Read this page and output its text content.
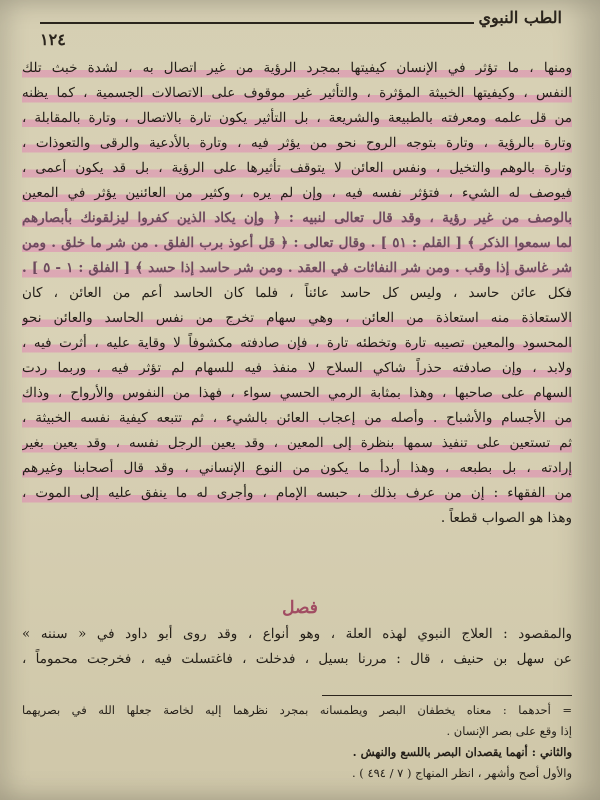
الطب النبوي
١٢٤
ومنها ، ما تؤثر في الإنسان كيفيتها بمجرد الرؤية من غير اتصال به ، لشدة خبث تلك
النفس ، وكيفيتها الخبيثة المؤثرة ، والتأثير غير موقوف على الاتصالات الجسمية ، كما يظنه
من قل علمه ومعرفته بالطبيعة والشريعة ، بل التأثير يكون تارة بالاتصال ، وتارة بالمقابلة ،
وتارة بالرؤية ، وتارة بتوجه الروح نحو من يؤثر فيه ، وتارة بالأدعية والرقى والتعوذات ،
وتارة بالوهم والتخيل ، ونفس العائن لا يتوقف تأثيرها على الرؤية ، بل قد يكون أعمى ،
فيوصف له الشيء ، فتؤثر نفسه فيه ، وإن لم يره ، وكثير من العائنين يؤثر في المعين
بالوصف من غير رؤية ، وقد قال تعالى لنبيه : ﴿ وإن يكاد الذين كفروا ليزلقونك بأبصارهم
لما سمعوا الذكر ﴾ [ القلم : ٥١ ] . وقال تعالى : ﴿ قل أعوذ برب الفلق . من شر ما خلق . ومن
شر غاسق إذا وقب . ومن شر النفاثات في العقد . ومن شر حاسد إذا حسد ﴾ [ الفلق : ١ - ٥ ] .
فكل عائن حاسد ، وليس كل حاسد عائناً ، فلما كان الحاسد أعم من العائن ، كان
الاستعاذة منه استعاذة من العائن ، وهي سهام تخرج من نفس الحاسد والعائن نحو
المحسود والمعين تصيبه تارة وتخطئه تارة ، فإن صادفته مكشوفاً لا وقاية عليه ، أثرت فيه ،
ولابد ، وإن صادفته حذراً شاكي السلاح لا منفذ فيه للسهام لم تؤثر فيه ، وربما ردت
السهام على صاحبها ، وهذا بمثابة الرمي الحسي سواء ، فهذا من النفوس والأرواح ، وذاك
من الأجسام والأشباح . وأصله من إعجاب العائن بالشيء ، ثم تتبعه كيفية نفسه الخبيثة ،
ثم تستعين على تنفيذ سمها بنظرة إلى المعين ، وقد يعين الرجل نفسه ، وقد يعين بغير
إرادته ، بل بطبعه ، وهذا أردأ ما يكون من النوع الإنساني ، وقد قال أصحابنا وغيرهم
من الفقهاء : إن من عرف بذلك ، حبسه الإمام ، وأجرى له ما ينفق عليه إلى الموت ،
وهذا هو الصواب قطعاً .
فصل
والمقصود : العلاج النبوي لهذه العلة ، وهو أنواع ، وقد روى أبو داود في « سننه »
عن سهل بن حنيف ، قال : مررنا بسيل ، فدخلت ، فاغتسلت فيه ، فخرجت محموماً ،
= أحدهما : معناه يخطفان البصر ويطمسانه بمجرد نظرهما إليه لخاصة جعلها الله في بصريهما
إذا وقع على بصر الإنسان .
والثاني : أنهما يقصدان البصر باللسع والنهش .
والأول أصح وأشهر ، انظر المنهاج ( ٧ / ٤٩٤ ) .
